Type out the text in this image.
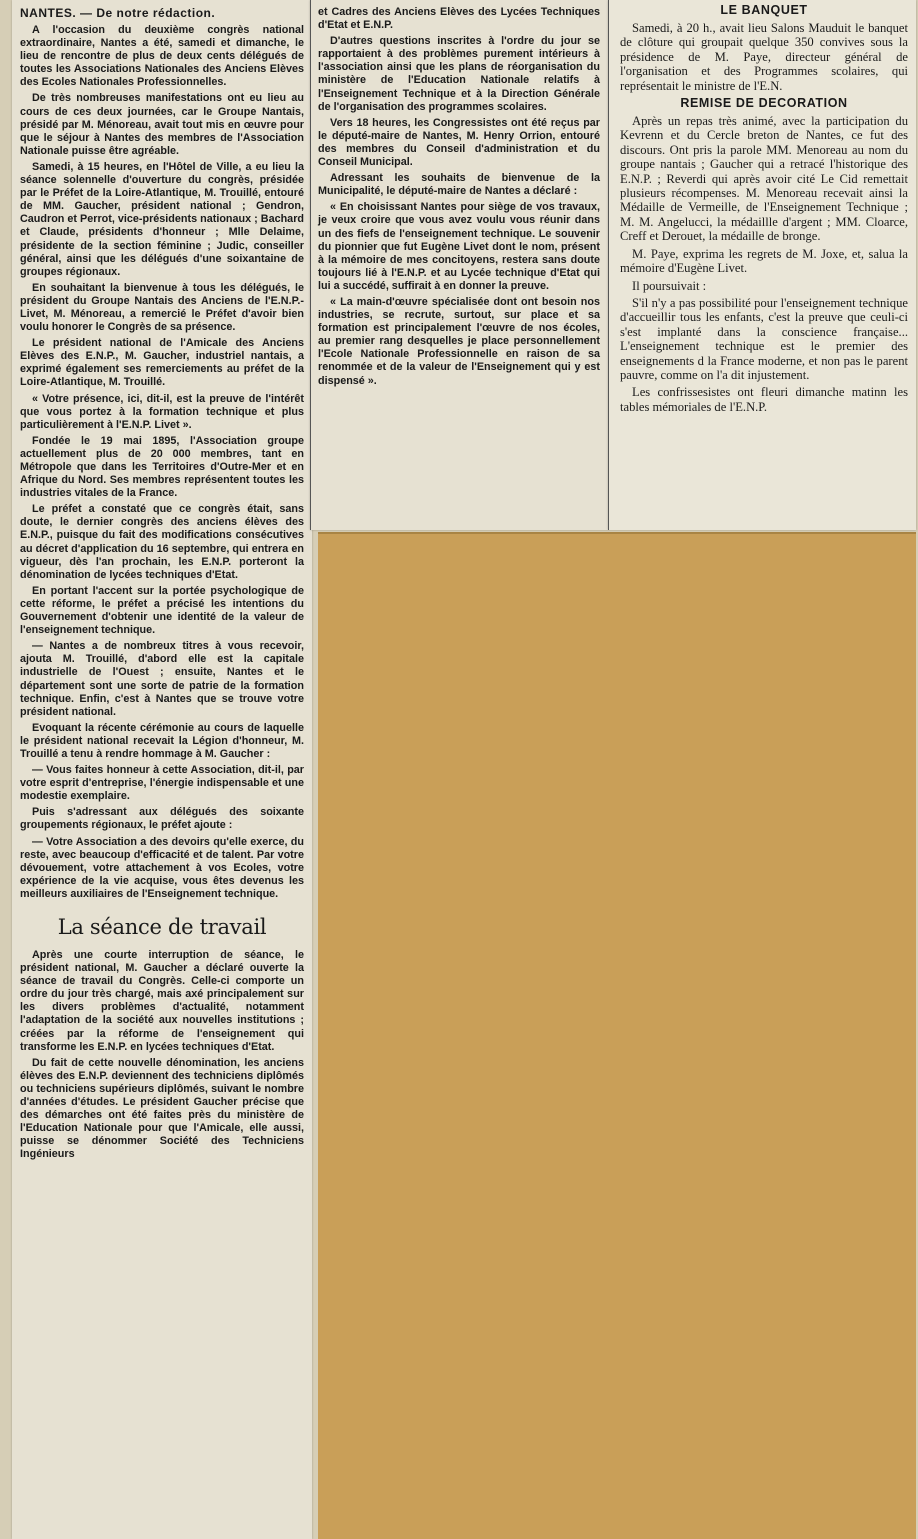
NANTES. — De notre rédaction.

A l'occasion du deuxième congrès national extraordinaire, Nantes a été, samedi et dimanche, le lieu de rencontre de plus de deux cents délégués de toutes les Associations Nationales des Anciens Elèves des Ecoles Nationales Professionnelles.

De très nombreuses manifestations ont eu lieu au cours de ces deux journées, car le Groupe Nantais, présidé par M. Ménoreau, avait tout mis en œuvre pour que le séjour à Nantes des membres de l'Association Nationale puisse être agréable.

Samedi, à 15 heures, en l'Hôtel de Ville, a eu lieu la séance solennelle d'ouverture du congrès, présidée par le Préfet de la Loire-Atlantique, M. Trouillé, entouré de MM. Gaucher, président national ; Gendron, Caudron et Perrot, vice-présidents nationaux ; Bachard et Claude, présidents d'honneur ; Mlle Delaime, présidente de la section féminine ; Judic, conseiller général, ainsi que les délégués d'une soixantaine de groupes régionaux.

En souhaitant la bienvenue à tous les délégués, le président du Groupe Nantais des Anciens de l'E.N.P.-Livet, M. Ménoreau, a remercié le Préfet d'avoir bien voulu honorer le Congrès de sa présence.

Le président national de l'Amicale des Anciens Elèves des E.N.P., M. Gaucher, industriel nantais, a exprimé également ses remerciements au préfet de la Loire-Atlantique, M. Trouillé.

« Votre présence, ici, dit-il, est la preuve de l'intérêt que vous portez à la formation technique et plus particulièrement à l'E.N.P. Livet ».

Fondée le 19 mai 1895, l'Association groupe actuellement plus de 20 000 membres, tant en Métropole que dans les Territoires d'Outre-Mer et en Afrique du Nord. Ses membres représentent toutes les industries vitales de la France.

Le préfet a constaté que ce congrès était, sans doute, le dernier congrès des anciens élèves des E.N.P., puisque du fait des modifications consécutives au décret d'application du 16 septembre, qui entrera en vigueur, dès l'an prochain, les E.N.P. porteront la dénomination de lycées techniques d'Etat.

En portant l'accent sur la portée psychologique de cette réforme, le préfet a précisé les intentions du Gouvernement d'obtenir une identité de la valeur de l'enseignement technique.

— Nantes a de nombreux titres à vous recevoir, ajouta M. Trouillé, d'abord elle est la capitale industrielle de l'Ouest ; ensuite, Nantes et le département sont une sorte de patrie de la formation technique. Enfin, c'est à Nantes que se trouve votre président national.

Evoquant la récente cérémonie au cours de laquelle le président national recevait la Légion d'honneur, M. Trouillé a tenu à rendre hommage à M. Gaucher :

— Vous faites honneur à cette Association, dit-il, par votre esprit d'entreprise, l'énergie indispensable et une modestie exemplaire.

Puis s'adressant aux délégués des soixante groupements régionaux, le préfet ajoute :

— Votre Association a des devoirs qu'elle exerce, du reste, avec beaucoup d'efficacité et de talent. Par votre dévouement, votre attachement à vos Ecoles, votre expérience de la vie acquise, vous êtes devenus les meilleurs auxiliaires de l'Enseignement technique.

La séance de travail

Après une courte interruption de séance, le président national, M. Gaucher a déclaré ouverte la séance de travail du Congrès. Celle-ci comporte un ordre du jour très chargé, mais axé principalement sur les divers problèmes d'actualité, notamment l'adaptation de la société aux nouvelles institutions ; créées par la réforme de l'enseignement qui transforme les E.N.P. en lycées techniques d'Etat.

Du fait de cette nouvelle dénomination, les anciens élèves des E.N.P. deviennent des techniciens diplômés ou techniciens supérieurs diplômés, suivant le nombre d'années d'études. Le président Gaucher précise que des démarches ont été faites près du ministère de l'Education Nationale pour que l'Amicale, elle aussi, puisse se dénommer Société des Techniciens Ingénieurs

et Cadres des Anciens Elèves des Lycées Techniques d'Etat et E.N.P.

D'autres questions inscrites à l'ordre du jour se rapportaient à des problèmes purement intérieurs à l'association ainsi que les plans de réorganisation du ministère de l'Education Nationale relatifs à l'Enseignement Technique et à la Direction Générale de l'organisation des programmes scolaires.

Vers 18 heures, les Congressistes ont été reçus par le député-maire de Nantes, M. Henry Orrion, entouré des membres du Conseil d'administration et du Conseil Municipal.

Adressant les souhaits de bienvenue de la Municipalité, le député-maire de Nantes a déclaré :

« En choisissant Nantes pour siège de vos travaux, je veux croire que vous avez voulu vous réunir dans un des fiefs de l'enseignement technique. Le souvenir du pionnier que fut Eugène Livet dont le nom, présent à la mémoire de mes concitoyens, restera sans doute toujours lié à l'E.N.P. et au Lycée technique d'Etat qui lui a succédé, suffirait à en donner la preuve.

« La main-d'œuvre spécialisée dont ont besoin nos industries, se recrute, surtout, sur place et sa formation est principalement l'œuvre de nos écoles, au premier rang desquelles je place personnellement l'Ecole Nationale Professionnelle en raison de sa renommée et de la valeur de l'Enseignement qui y est dispensé ».

LE BANQUET

Samedi, à 20 h., avait lieu Salons Mauduit le banquet de clôture qui groupait quelque 350 convives sous la présidence de M. Paye, directeur général de l'organisation et des Programmes scolaires, qui représentait le ministre de l'E.N.

REMISE DE DECORATION

Après un repas très animé, avec la participation du Kevrenn et du Cercle breton de Nantes, ce fut des discours. Ont pris la parole MM. Menoreau au nom du groupe nantais ; Gaucher qui a retracé l'historique des E.N.P. ; Reverdi qui après avoir cité Le Cid remettait plusieurs récompenses. M. Menoreau recevait ainsi la Médaille de Vermeille, de l'Enseignement Technique ; M. M. Angelucci, la médaillle d'argent ; MM. Cloarce, Creff et Derouet, la médaille de bronge.

M. Paye, exprima les regrets de M. Joxe, et, salua la mémoire d'Eugène Livet.

Il poursuivait :

S'il n'y a pas possibilité pour l'enseignement technique d'accueillir tous les enfants, c'est la preuve que ceuli-ci s'est implanté dans la conscience française... L'enseignement technique est le premier des enseignements d la France moderne, et non pas le parent pauvre, comme on l'a dit injustement.

Les confrissesistes ont fleuri dimanche matinn les tables mémoriales de l'E.N.P.
